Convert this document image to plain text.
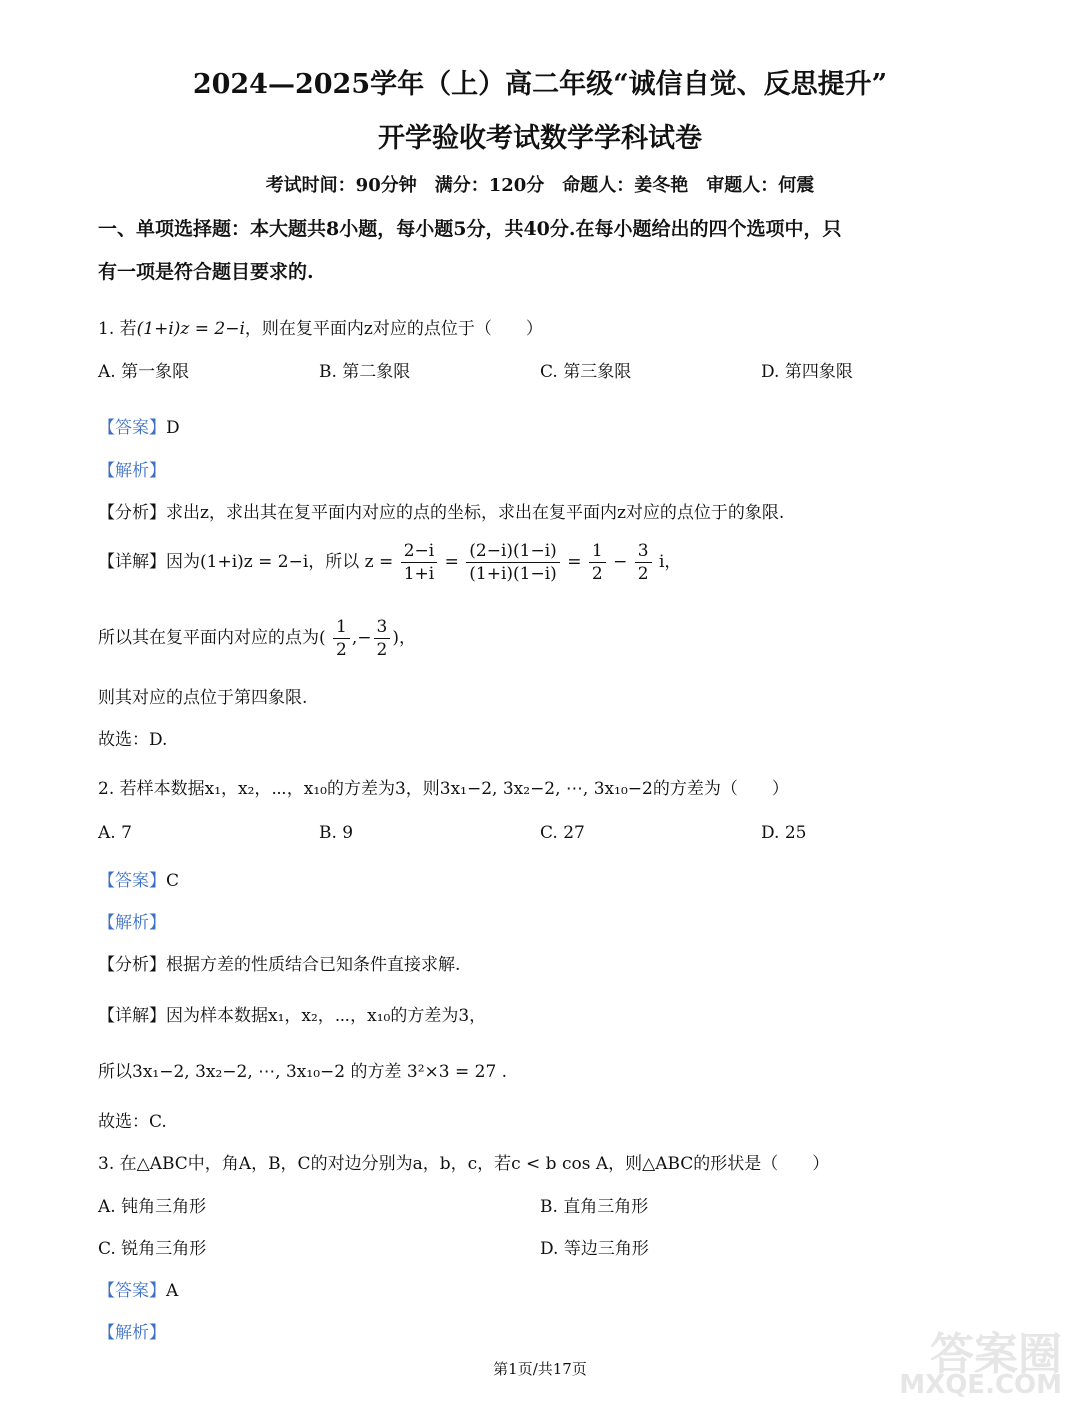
2024—2025学年（上）高二年级“诚信自觉、反思提升”
开学验收考试数学学科试卷
考试时间：90分钟　满分：120分　命题人：姜冬艳　审题人：何震
一、单项选择题：本大题共8小题，每小题5分，共40分.在每小题给出的四个选项中，只
有一项是符合题目要求的.
1. 若(1+i)z = 2−i，则在复平面内z对应的点位于（　　）
A. 第一象限	B. 第二象限	C. 第三象限	D. 第四象限
【答案】D
【解析】
【分析】求出z，求出其在复平面内对应的点的坐标，求出在复平面内z对应的点位于的象限.
【详解】因为(1+i)z = 2−i，所以 $z = \frac{2-i}{1+i} = \frac{(2-i)(1-i)}{(1+i)(1-i)} = \frac{1}{2} - \frac{3}{2}$ i，
所以其在复平面内对应的点为( $\frac{1}{2}$ ,− $\frac{3}{2}$ )，
则其对应的点位于第四象限.
故选：D.
2. 若样本数据x₁，x₂，⋯，x₁₀的方差为3，则3x₁−2, 3x₂−2, ⋯, 3x₁₀−2的方差为（　　）
A. 7	B. 9	C. 27	D. 25
【答案】C
【解析】
【分析】根据方差的性质结合已知条件直接求解.
【详解】因为样本数据x₁，x₂，⋯，x₁₀的方差为3，
所以3x₁−2, 3x₂−2, ⋯, 3x₁₀−2 的方差 3²×3 = 27 .
故选：C.
3. 在△ABC中，角A，B，C的对边分别为a，b，c，若c < b cos A，则△ABC的形状是（　　）
A. 钝角三角形	B. 直角三角形
C. 锐角三角形	D. 等边三角形
【答案】A
【解析】
第1页/共17页	答案圈
MXQE.COM
